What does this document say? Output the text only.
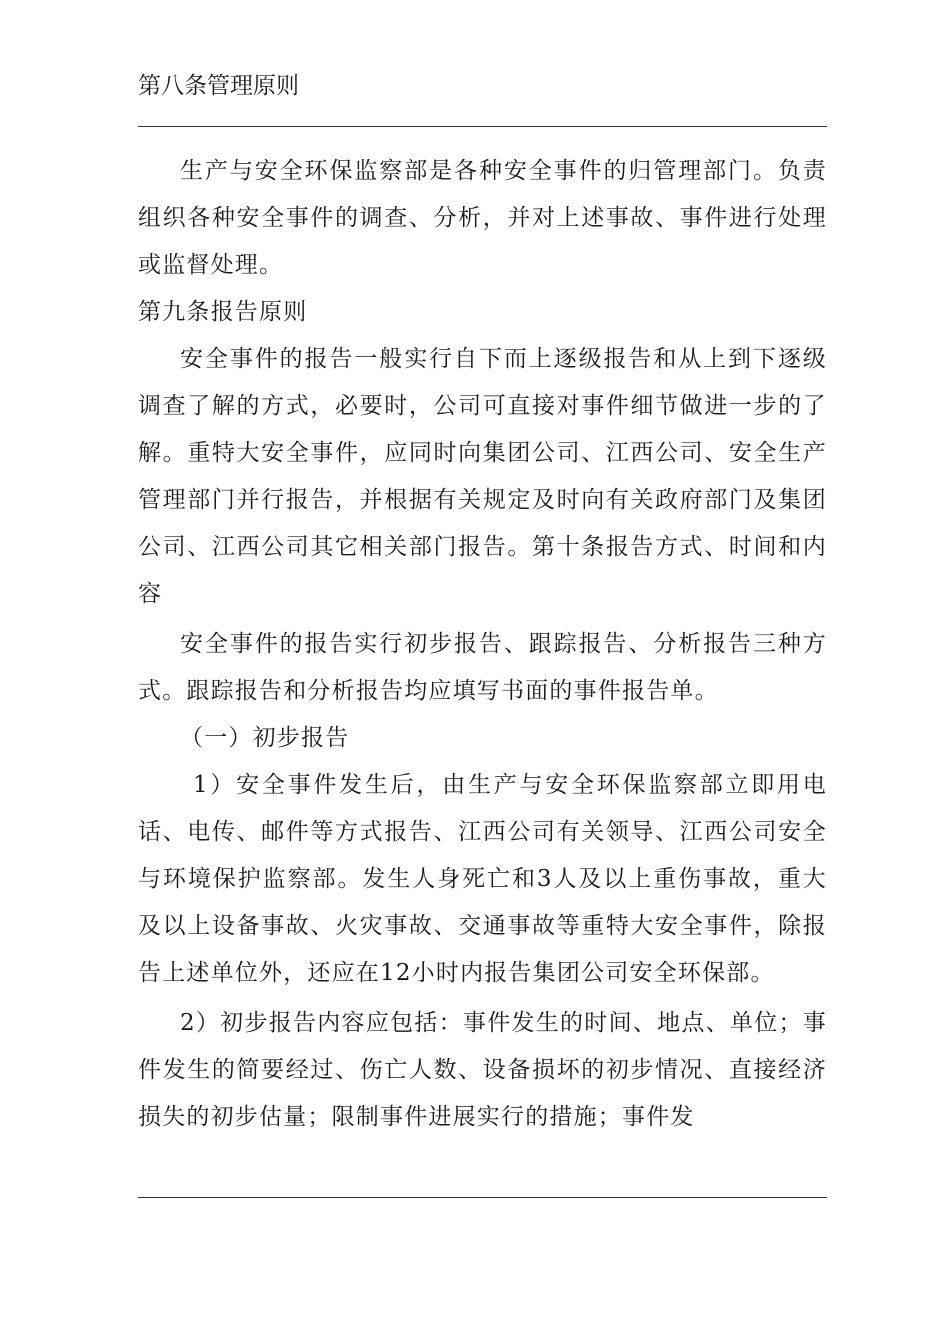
第八条管理原则

生产与安全环保监察部是各种安全事件的归管理部门。负责组织各种安全事件的调查、分析，并对上述事故、事件进行处理或监督处理。

第九条报告原则

安全事件的报告一般实行自下而上逐级报告和从上到下逐级调查了解的方式，必要时，公司可直接对事件细节做进一步的了解。重特大安全事件，应同时向集团公司、江西公司、安全生产管理部门并行报告，并根据有关规定及时向有关政府部门及集团公司、江西公司其它相关部门报告。第十条报告方式、时间和内容

安全事件的报告实行初步报告、跟踪报告、分析报告三种方式。跟踪报告和分析报告均应填写书面的事件报告单。

（一）初步报告

1）安全事件发生后，由生产与安全环保监察部立即用电话、电传、邮件等方式报告、江西公司有关领导、江西公司安全与环境保护监察部。发生人身死亡和3人及以上重伤事故，重大及以上设备事故、火灾事故、交通事故等重特大安全事件，除报告上述单位外，还应在12小时内报告集团公司安全环保部。

2）初步报告内容应包括：事件发生的时间、地点、单位；事件发生的简要经过、伤亡人数、设备损坏的初步情况、直接经济损失的初步估量；限制事件进展实行的措施；事件发
